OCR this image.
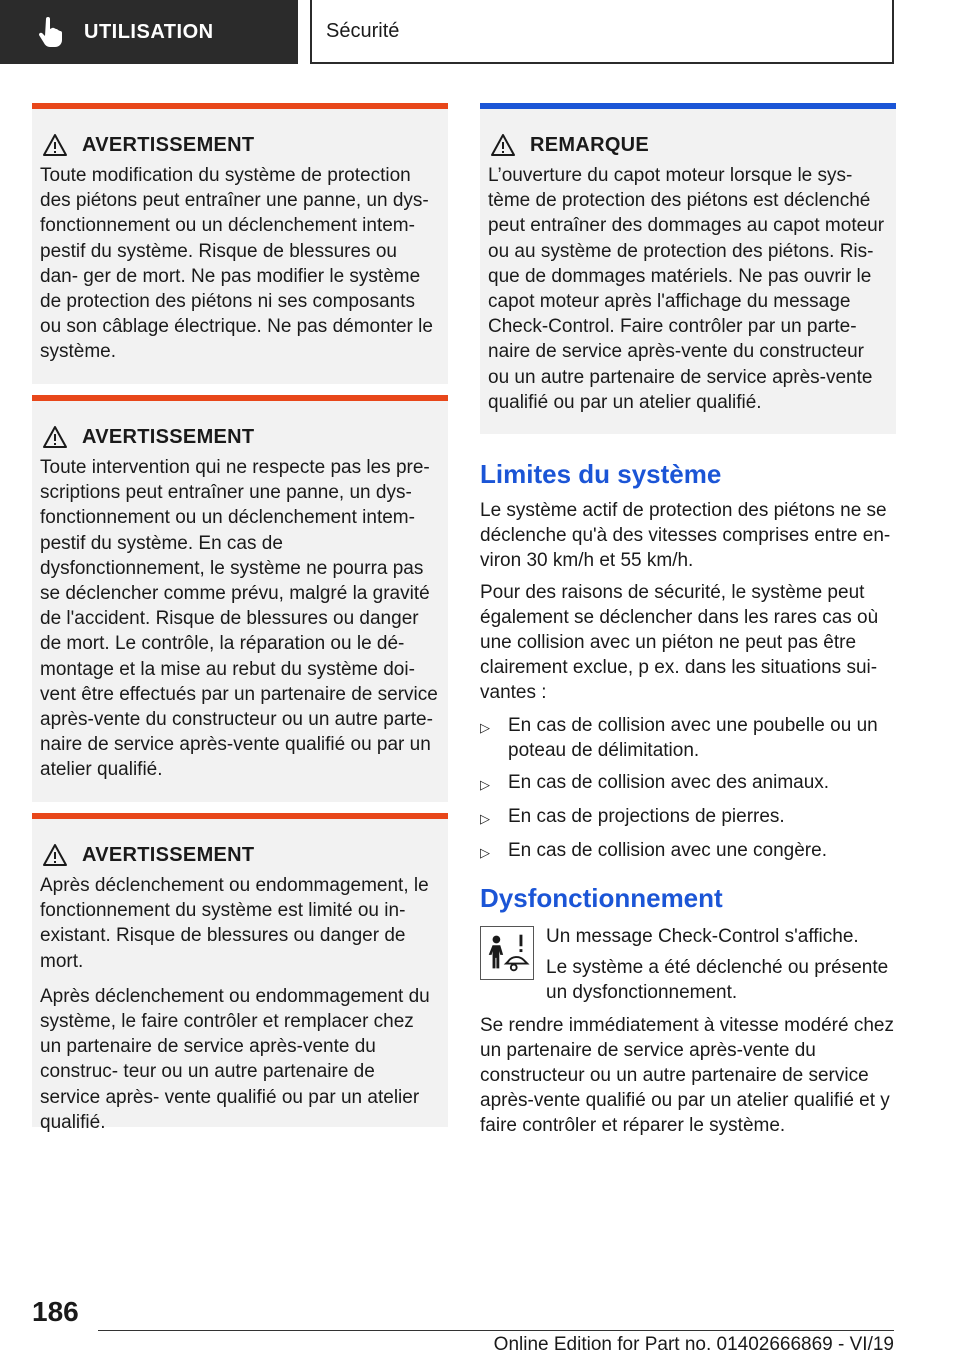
UTILISATION	Sécurité
AVERTISSEMENT

Toute modification du système de protection des piétons peut entraîner une panne, un dys- fonctionnement ou un déclenchement intem- pestif du système. Risque de blessures ou dan- ger de mort. Ne pas modifier le système de protection des piétons ni ses composants ou son câblage électrique. Ne pas démonter le système.

AVERTISSEMENT

Toute intervention qui ne respecte pas les pre- scriptions peut entraîner une panne, un dys- fonctionnement ou un déclenchement intem- pestif du système. En cas de dysfonctionnement, le système ne pourra pas se déclencher comme prévu, malgré la gravité de l'accident. Risque de blessures ou danger de mort. Le contrôle, la réparation ou le dé- montage et la mise au rebut du système doi- vent être effectués par un partenaire de service après-vente du constructeur ou un autre parte- naire de service après-vente qualifié ou par un atelier qualifié.

AVERTISSEMENT

Après déclenchement ou endommagement, le fonctionnement du système est limité ou in- existant. Risque de blessures ou danger de mort.

Après déclenchement ou endommagement du système, le faire contrôler et remplacer chez un partenaire de service après-vente du construc- teur ou un autre partenaire de service après- vente qualifié ou par un atelier qualifié.

REMARQUE

L’ouverture du capot moteur lorsque le sys- tème de protection des piétons est déclenché peut entraîner des dommages au capot moteur ou au système de protection des piétons. Ris- que de dommages matériels. Ne pas ouvrir le capot moteur après l'affichage du message Check-Control. Faire contrôler par un parte- naire de service après-vente du constructeur ou un autre partenaire de service après-vente qualifié ou par un atelier qualifié.

Limites du système

Le système actif de protection des piétons ne se déclenche qu'à des vitesses comprises entre en- viron 30 km/h et 55 km/h.

Pour des raisons de sécurité, le système peut également se déclencher dans les rares cas où une collision avec un piéton ne peut pas être clairement exclue, p ex. dans les situations sui- vantes :

▷ En cas de collision avec une poubelle ou un poteau de délimitation.
▷ En cas de collision avec des animaux.
▷ En cas de projections de pierres.
▷ En cas de collision avec une congère.
Dysfonctionnement

Un message Check-Control s'affiche.

Le système a été déclenché ou présente un dysfonctionnement.

Se rendre immédiatement à vitesse modéré chez un partenaire de service après-vente du constructeur ou un autre partenaire de service après-vente qualifié ou par un atelier qualifié et y faire contrôler et réparer le système.

186
Online Edition for Part no. 01402666869 - VI/19
